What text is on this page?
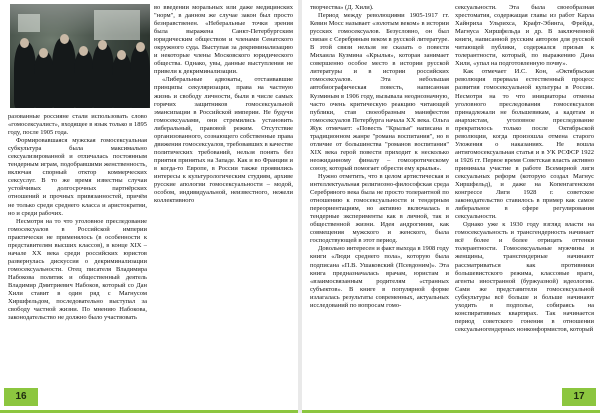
разованные россияне стали использовать слово «гомосексуалист», входящее в язык только в 1895 году, после 1905 года.

Формировавшаяся мужская гомосексуальная субкультура была максимально сексуализированной и отличалась постоянным тендерным играм, подобравшими женственность, включая спорный отктор коммерческих сексуслуг. В то же время известны случаи устойчивых долгосрочных партнёрских отношений и прочных привязанностей, причём не только среди среднего класса и аристократии, но и среди рабочих.

Несмотря на то что уголовное преследование гомосексуалов в Российской империи практически не применялось (в особенности к представителям высших классов), в конце XIX – начале XX века среди российских юристов развернулась дискуссия о декриминализации гомосексуальности. Отец писателя Владимира Набокова политик и общественный деятель Владимир Дмитриевич Набоков, который со Дан Хили ставит в один ряд с Магнусом Хиршфельдом, последовательно выступал за свободу частной жизни. По мнению Набокова, законодательство не должно было участвовать

во введении моральных или даже медицинских "норм", в данном же случае закон был просто безнравственен. «Неберальные точки зрения была выражена Санкт-Петербургским юридическим обществом и членами Сенатского окружного суда. Выступая за декриминализацию и некоторые члены Московского юридического общества. Однако, увы, данные выступления не привели к декриминализации.

«Либеральные адвокаты, отстаивавшие принципы секуляризации, права на частную жизнь и свободу личности, были в числе самых горячих защитников гомосексуальной эмансипации в Российской империи. Не будучи гомосексуалами, они стремились установить либеральный, правовой режим. Отсутствие организованного, сознающего собственные права движения гомосексуалов, требовавших в качестве политических требований, нельзя понять без приятия принятых на Западе. Как и во Франции и в когда-то Европе, в России также проявились интересы к культурологическим студиям, архиве русские апологии гомосексуальности – модой, особом, индивидуальной, неизвестного, нежели коллективного

16

творчества» (Д. Хили).

Период между революциями 1905-1917 гг. Кевин Мосс называет «золотым веком» в истории русских гомосексуалов. Безусловно, он был связан с Серебряным веком в русской литературе. В этой связи нельзя не сказать о повести Михаила Кузмина «Крылья», которая занимает совершенно особое место в истории русской литературы и в истории российских гомосексуалов. Эта небольшая автобиографическая повесть, написанная Кузминым в 1906 году, вызывала неоднозначную, часто очень критическую реакцию читающей публики, став своеобразным манифестом гомосексуалов Петербурга начала XX века. Ольга Жук отмечает: «Повесть "Крылья" написана в традиционном жанре "романа воспитания", но в отличие от большинства "романов воспитания" XIX века герой повести приходит к несколько неожиданному финалу – гомоэротическому союзу, который помогает обрести ему крылья».

Нужно отметить, что в целом артистическая и интеллектуальная религиозно-философская среда Серебряного века была не просто толерантной по отношению к гомосексуальности и тендерным переориентациям, но активно включалась в тендерные эксперименты как в личной, так и общественной жизни. Идея андрогинии, как совмещения мужского и женского, была господствующей в этот период.

Довольно интересен и факт выхода в 1908 году книги «Люди среднего пола», которую была подписана «П.В. Ушаковский (Псевдоним)». Эта книга предназначалась врачам, юристам и «взаимосвязанным родителям «странных субъектов». В книге в популярной форме излагалась результаты современных, актуальных исследований по вопросам гомо-

сексуальности. Эта была своеобразная хрестоматия, содержащая главы из работ Карла Хайнриха Ульрихса, Крафт-Эбинга, Фрейда, Магнуса Хиршфельда и др. В заключенной книги, написанной русским автором для русской читающей публики, содержался призыв к толерантности, который, по выражению Дана Хили, «упал на подготовленную почву».

Как отмечает И.С. Кон, «Октябрьская революция прервала естественный процесс развития гомосексуальной культуры в России. Несмотря на то что инициаторы отмены уголовного преследования гомосексуалов принадлежали не большевикам, а кадетам и анархистам, уголовное преследование прекратилось только после Октябрьской революции, когда произошла отмена старого Уложения о наказаниях. Не вошла антигомосексуальная статья и в УК РСФСР 1922 и 1926 гг. Первое время Советская власть активно принимала участие в работе Всемирной лиги сексуальных реформ (которую создал Магнус Хиршфельд), и даже на Копенгагенском конгрессе Лиги 1928 г. советское законодательство ставилось в пример как самое либеральное в сфере регулирования сексуальности.

Однако уже к 1930 году взгляд власти на гомосексуальность и трансгендерность начинает всё более и более отрицать оттенки толерантности. Гомосексуальные мужчины и женщины, трансгендерные начинают рассматриваться как противники большевистского режима, классовые враги, агенты иностранной (буржуазной) идеологии. Сами же представители гомосексуальной субкультуры всё больше и больше начинают уходить в подполье, собираясь на конспиративных квартирах. Так начинается период советского гонения в отношении сексуальногендерных нонконформистов, который

17
